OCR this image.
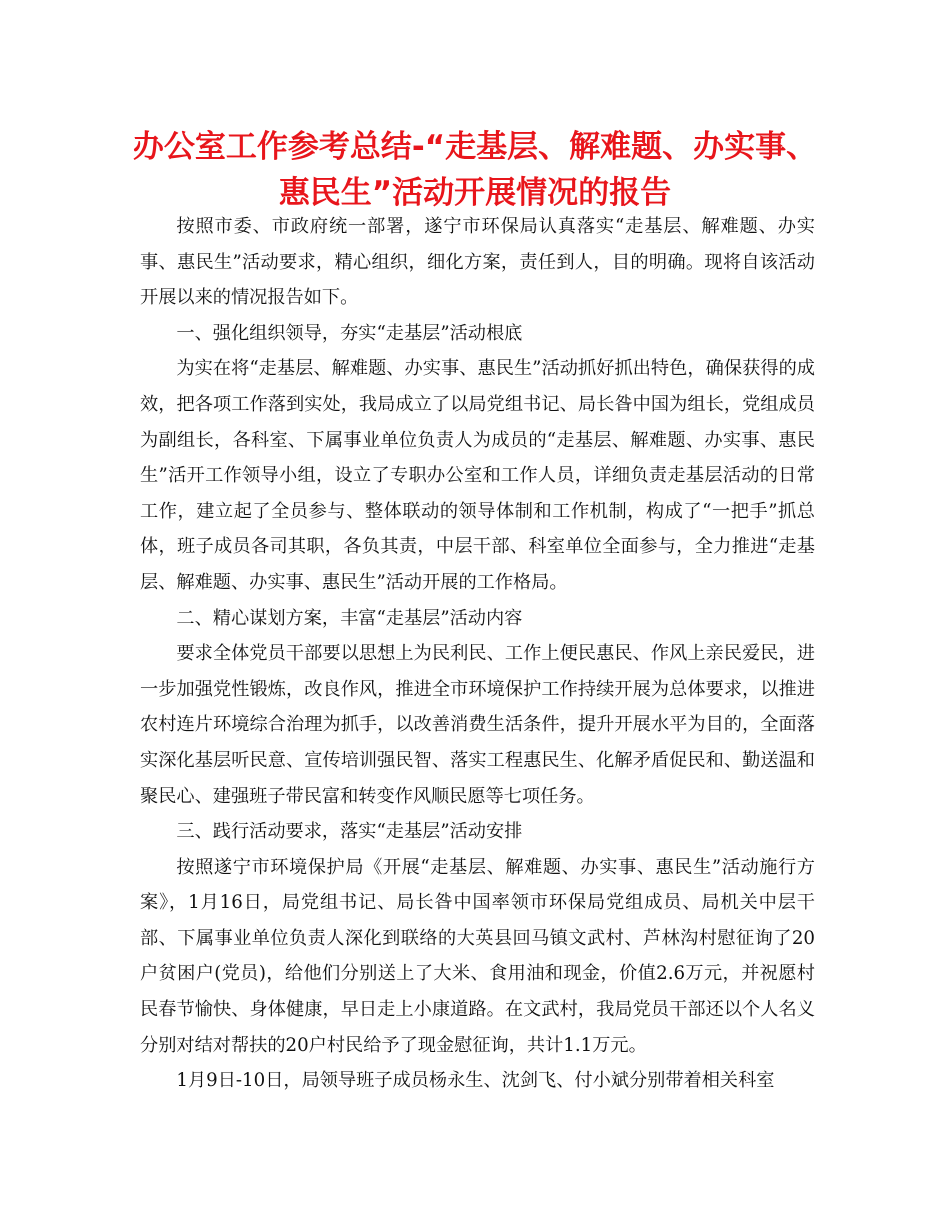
办公室工作参考总结-“走基层、解难题、办实事、
惠民生”活动开展情况的报告

按照市委、市政府统一部署，遂宁市环保局认真落实“走基层、解难题、办实事、惠民生”活动要求，精心组织，细化方案，责任到人，目的明确。现将自该活动开展以来的情况报告如下。

一、强化组织领导，夯实“走基层”活动根底

为实在将“走基层、解难题、办实事、惠民生”活动抓好抓出特色，确保获得的成效，把各项工作落到实处，我局成立了以局党组书记、局长昝中国为组长，党组成员为副组长，各科室、下属事业单位负责人为成员的“走基层、解难题、办实事、惠民生”活开工作领导小组，设立了专职办公室和工作人员，详细负责走基层活动的日常工作，建立起了全员参与、整体联动的领导体制和工作机制，构成了“一把手”抓总体，班子成员各司其职，各负其责，中层干部、科室单位全面参与，全力推进“走基层、解难题、办实事、惠民生”活动开展的工作格局。

二、精心谋划方案，丰富“走基层”活动内容

要求全体党员干部要以思想上为民利民、工作上便民惠民、作风上亲民爱民，进一步加强党性锻炼，改良作风，推进全市环境保护工作持续开展为总体要求，以推进农村连片环境综合治理为抓手，以改善消费生活条件，提升开展水平为目的，全面落实深化基层听民意、宣传培训强民智、落实工程惠民生、化解矛盾促民和、勤送温和聚民心、建强班子带民富和转变作风顺民愿等七项任务。

三、践行活动要求，落实“走基层”活动安排

按照遂宁市环境保护局《开展“走基层、解难题、办实事、惠民生”活动施行方案》，1月16日，局党组书记、局长昝中国率领市环保局党组成员、局机关中层干部、下属事业单位负责人深化到联络的大英县回马镇文武村、芦林沟村慰征询了20户贫困户(党员)，给他们分别送上了大米、食用油和现金，价值2.6万元，并祝愿村民春节愉快、身体健康，早日走上小康道路。在文武村，我局党员干部还以个人名义分别对结对帮扶的20户村民给予了现金慰征询，共计1.1万元。

1月9日-10日，局领导班子成员杨永生、沈剑飞、付小斌分别带着相关科室
